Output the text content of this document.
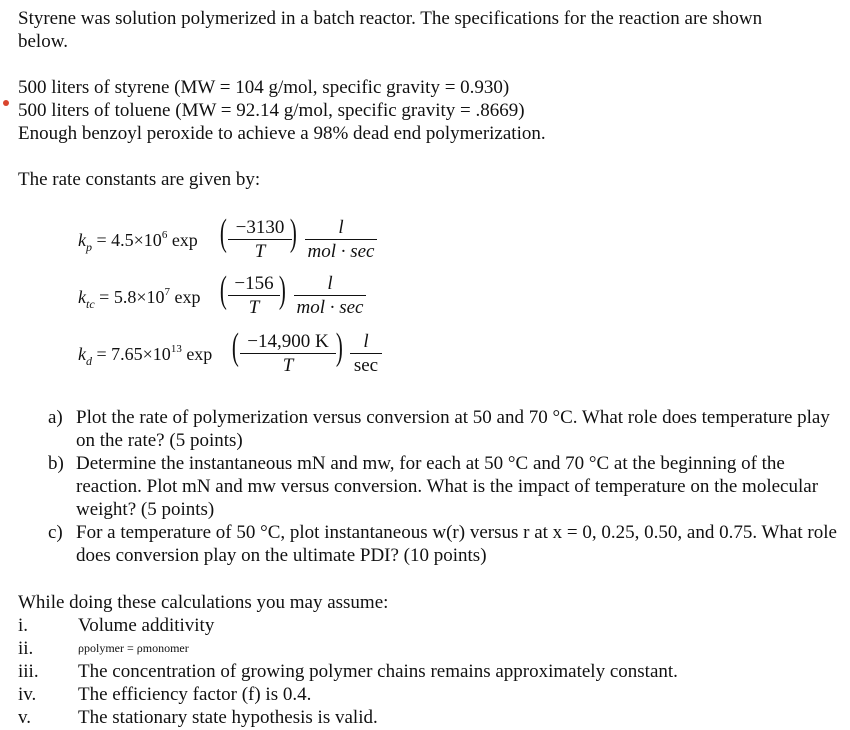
Styrene was solution polymerized in a batch reactor. The specifications for the reaction are shown
below.
500 liters of styrene (MW = 104 g/mol, specific gravity = 0.930)
500 liters of toluene (MW = 92.14 g/mol, specific gravity = .8669)
Enough benzoyl peroxide to achieve a 98% dead end polymerization.
The rate constants are given by:
$k_p = 4.5\times 10^6$ exp ( $\frac{-3130}{T}$
)	l
mol · sec
$k_{tc} = 5.8\times 10^7$ exp ( $\frac{-156}{T}$
)	l
mol · sec
$k_d = 7.65\times 10^{13}$ exp ( $\frac{-14,900 K}{T}$ )	l
sec
a) Plot the rate of polymerization versus conversion at 50 and 70 °C. What role does temperature play on the rate? (5 points)
b) Determine the instantaneous mN and mw, for each at 50 °C and 70 °C at the beginning of the reaction. Plot mN and mw versus conversion. What is the impact of temperature on the molecular weight? (5 points)
c) For a temperature of 50 °C, plot instantaneous w(r) versus r at x = 0, 0.25, 0.50, and 0.75. What role does conversion play on the ultimate PDI? (10 points)
While doing these calculations you may assume:
i.	Volume additivity
ii.	ρpolymer = ρmonomer
iii. The concentration of growing polymer chains remains approximately constant.
iv. The efficiency factor (f) is 0.4.
v. The stationary state hypothesis is valid.
